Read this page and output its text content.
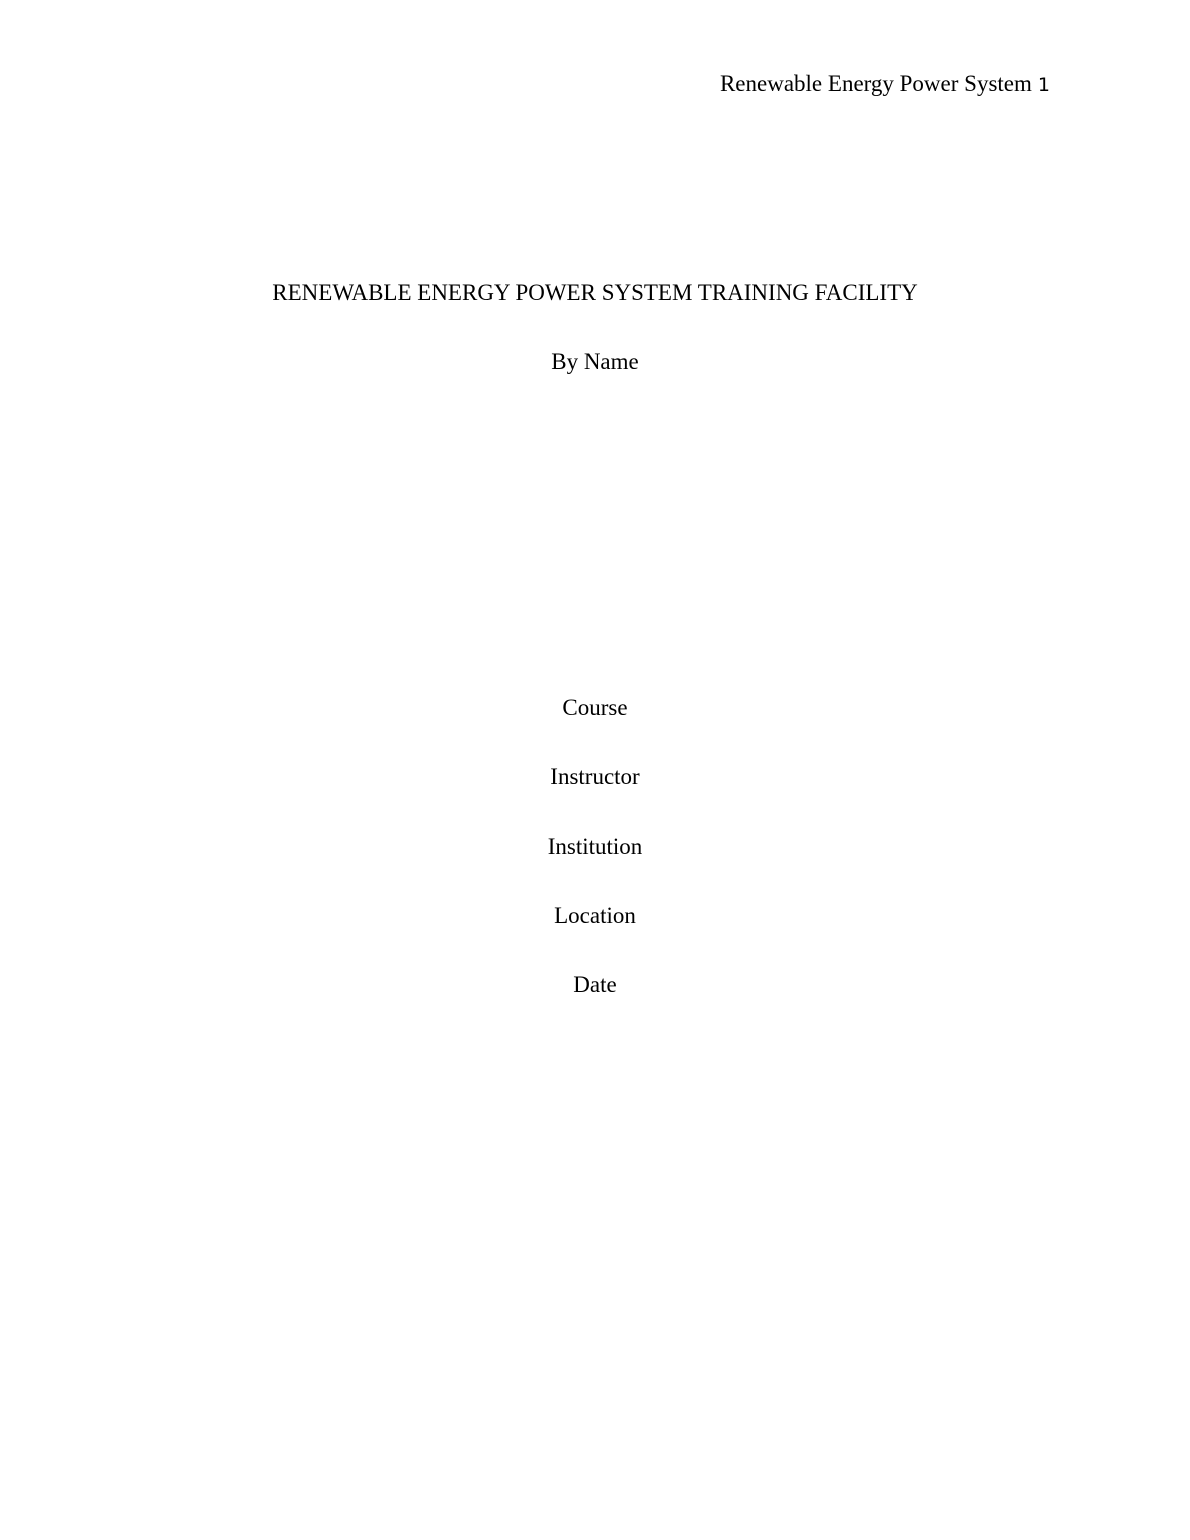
Renewable Energy Power System 1
RENEWABLE ENERGY POWER SYSTEM TRAINING FACILITY
By Name
Course
Instructor
Institution
Location
Date
